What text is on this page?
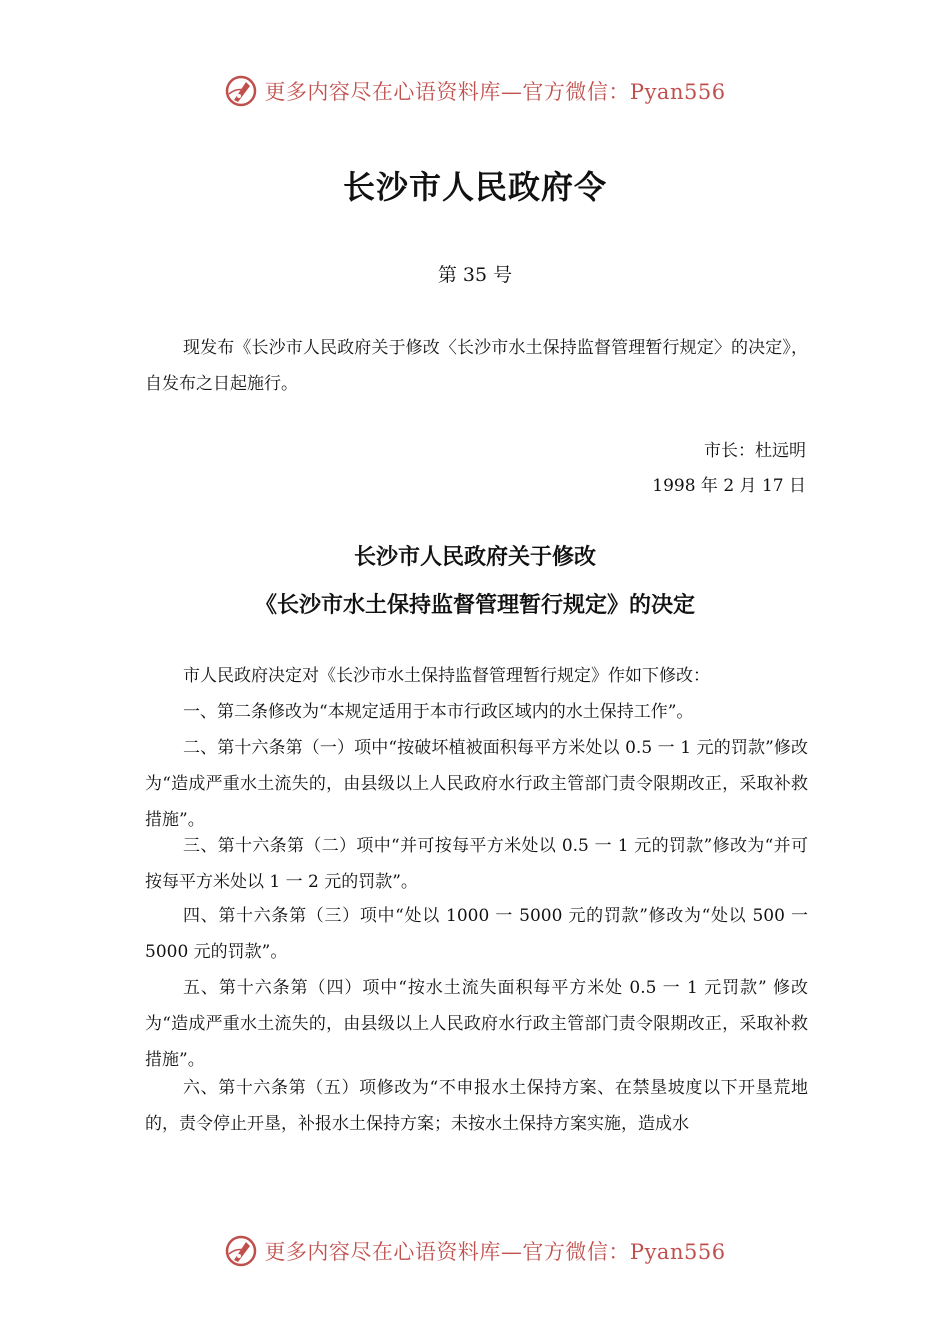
更多内容尽在心语资料库—官方微信：Pyan556
长沙市人民政府令
第 35 号

现发布《长沙市人民政府关于修改〈长沙市水土保持监督管理暂行规定〉的决定》，自发布之日起施行。

市长：杜远明
1998 年 2 月 17 日
长沙市人民政府关于修改
《长沙市水土保持监督管理暂行规定》的决定

市人民政府决定对《长沙市水土保持监督管理暂行规定》作如下修改：

一、第二条修改为“本规定适用于本市行政区域内的水土保持工作”。

二、第十六条第（一）项中“按破坏植被面积每平方米处以 0.5 一 1 元的罚款”修改为“造成严重水土流失的，由县级以上人民政府水行政主管部门责令限期改正，采取补救措施”。

三、第十六条第（二）项中“并可按每平方米处以 0.5 一 1 元的罚款”修改为“并可按每平方米处以 1 一 2 元的罚款”。

四、第十六条第（三）项中“处以 1000 一 5000 元的罚款”修改为“处以 500 一 5000 元的罚款”。

五、第十六条第（四）项中“按水土流失面积每平方米处 0.5 一 1 元罚款” 修改为“造成严重水土流失的，由县级以上人民政府水行政主管部门责令限期改正，采取补救措施”。

六、第十六条第（五）项修改为“不申报水土保持方案、在禁垦坡度以下开垦荒地的，责令停止开垦，补报水土保持方案；未按水土保持方案实施，造成水

更多内容尽在心语资料库—官方微信：Pyan556
